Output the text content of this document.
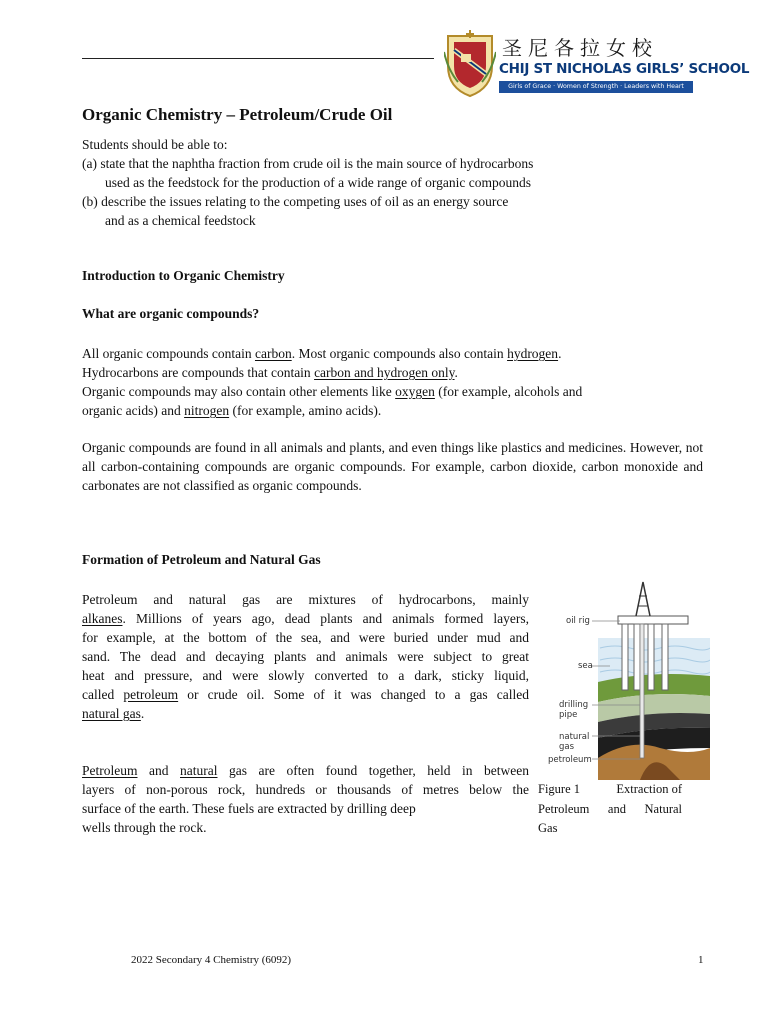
圣尼各拉女校
CHIJ ST NICHOLAS GIRLS’ SCHOOL
Girls of Grace · Women of Strength · Leaders with Heart
Organic Chemistry – Petroleum/Crude Oil
Students should be able to:
(a) state that the naphtha fraction from crude oil is the main source of hydrocarbons
used as the feedstock for the production of a wide range of organic compounds
(b) describe the issues relating to the competing uses of oil as an energy source
and as a chemical feedstock
Introduction to Organic Chemistry
What are organic compounds?
All organic compounds contain carbon. Most organic compounds also contain hydrogen.
Hydrocarbons are compounds that contain carbon and hydrogen only.
Organic compounds may also contain other elements like oxygen (for example, alcohols and
organic acids) and nitrogen (for example, amino acids).
Organic compounds are found in all animals and plants, and even things like plastics and medicines. However, not all carbon-containing compounds are organic compounds. For example, carbon dioxide, carbon monoxide and carbonates are not classified as organic compounds.
Formation of Petroleum and Natural Gas
Petroleum and natural gas are mixtures of hydrocarbons, mainly
alkanes. Millions of years ago, dead plants and animals formed layers,
for example, at the bottom of the sea, and were buried under mud and
sand. The dead and decaying plants and animals were subject to great
heat and pressure, and were slowly converted to a dark, sticky liquid,
called petroleum or crude oil. Some of it was changed to a gas called
natural gas.
Petroleum and natural gas are often found together, held in between
layers of non-porous rock, hundreds or thousands of metres below the
surface of the earth. These fuels are extracted by drilling deep
wells through the rock.
oil rig
sea
drilling
pipe
natural
gas
petroleum
Figure 1	Extraction of
Petroleum and Natural
Gas
2022 Secondary 4 Chemistry (6092)	1
